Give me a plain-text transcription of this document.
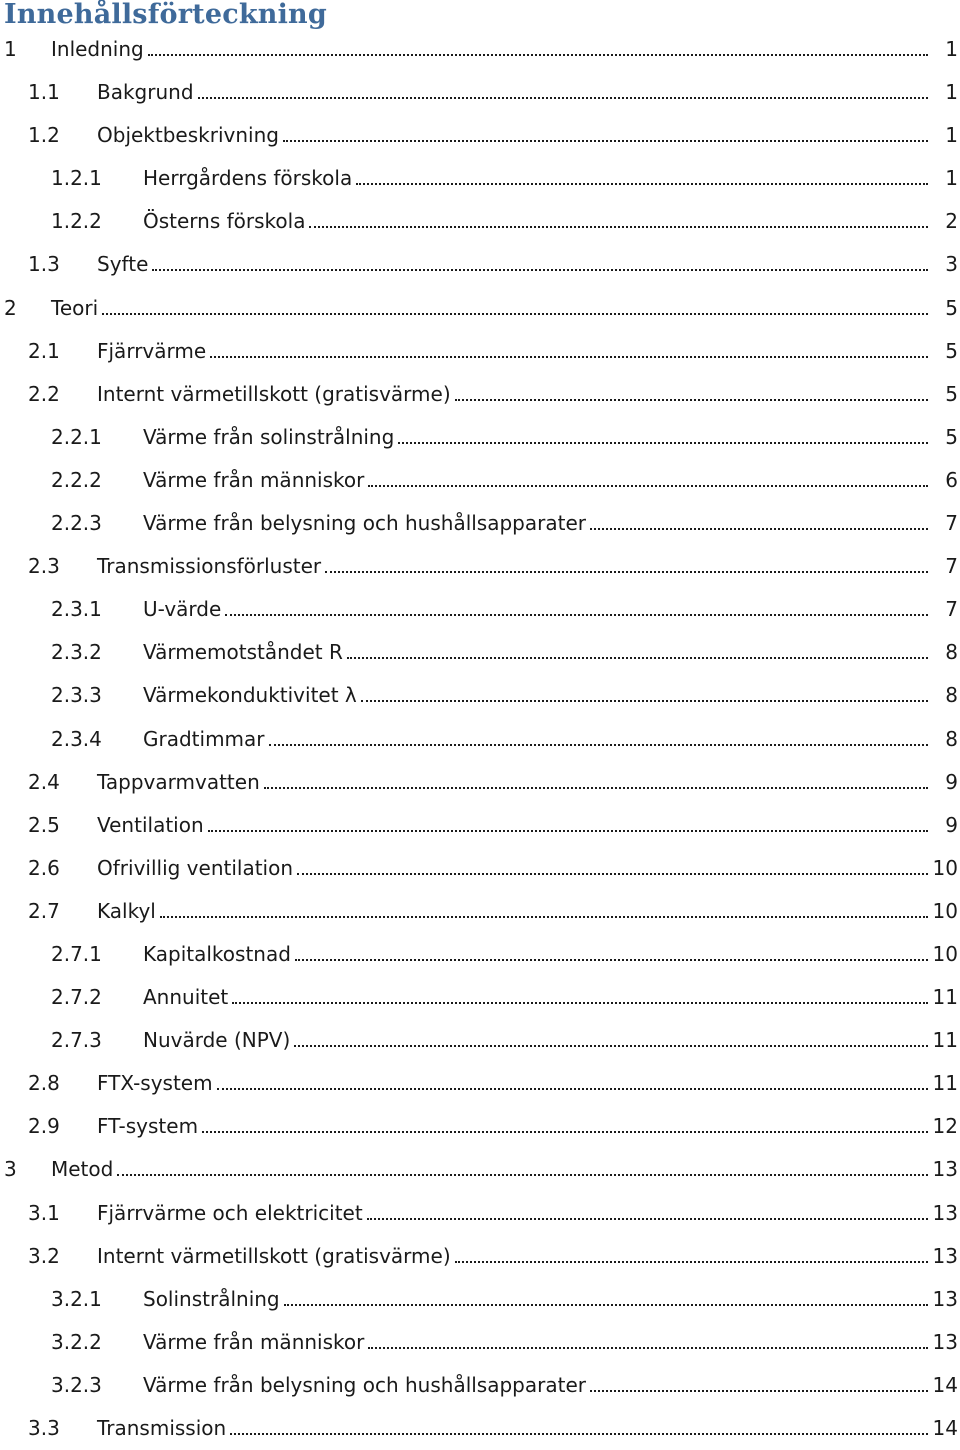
Innehållsförteckning
1 Inledning	1
1.1 Bakgrund	1
1.2 Objektbeskrivning	1
1.2.1 Herrgårdens förskola	1
1.2.2 Österns förskola	2
1.3 Syfte	3
2 Teori	5
2.1 Fjärrvärme	5
2.2 Internt värmetillskott (gratisvärme)	5
2.2.1 Värme från solinstrålning	5
2.2.2 Värme från människor	6
2.2.3 Värme från belysning och hushållsapparater	7
2.3 Transmissionsförluster	7
2.3.1 U-värde	7
2.3.2 Värmemotståndet R	8
2.3.3 Värmekonduktivitet λ	8
2.3.4 Gradtimmar	8
2.4 Tappvarmvatten	9
2.5 Ventilation	9
2.6 Ofrivillig ventilation	10
2.7 Kalkyl	10
2.7.1 Kapitalkostnad	10
2.7.2 Annuitet	11
2.7.3 Nuvärde (NPV)	11
2.8 FTX-system	11
2.9 FT-system	12
3 Metod	13
3.1 Fjärrvärme och elektricitet	13
3.2 Internt värmetillskott (gratisvärme)	13
3.2.1 Solinstrålning	13
3.2.2 Värme från människor	13
3.2.3 Värme från belysning och hushållsapparater	14
3.3 Transmission	14
